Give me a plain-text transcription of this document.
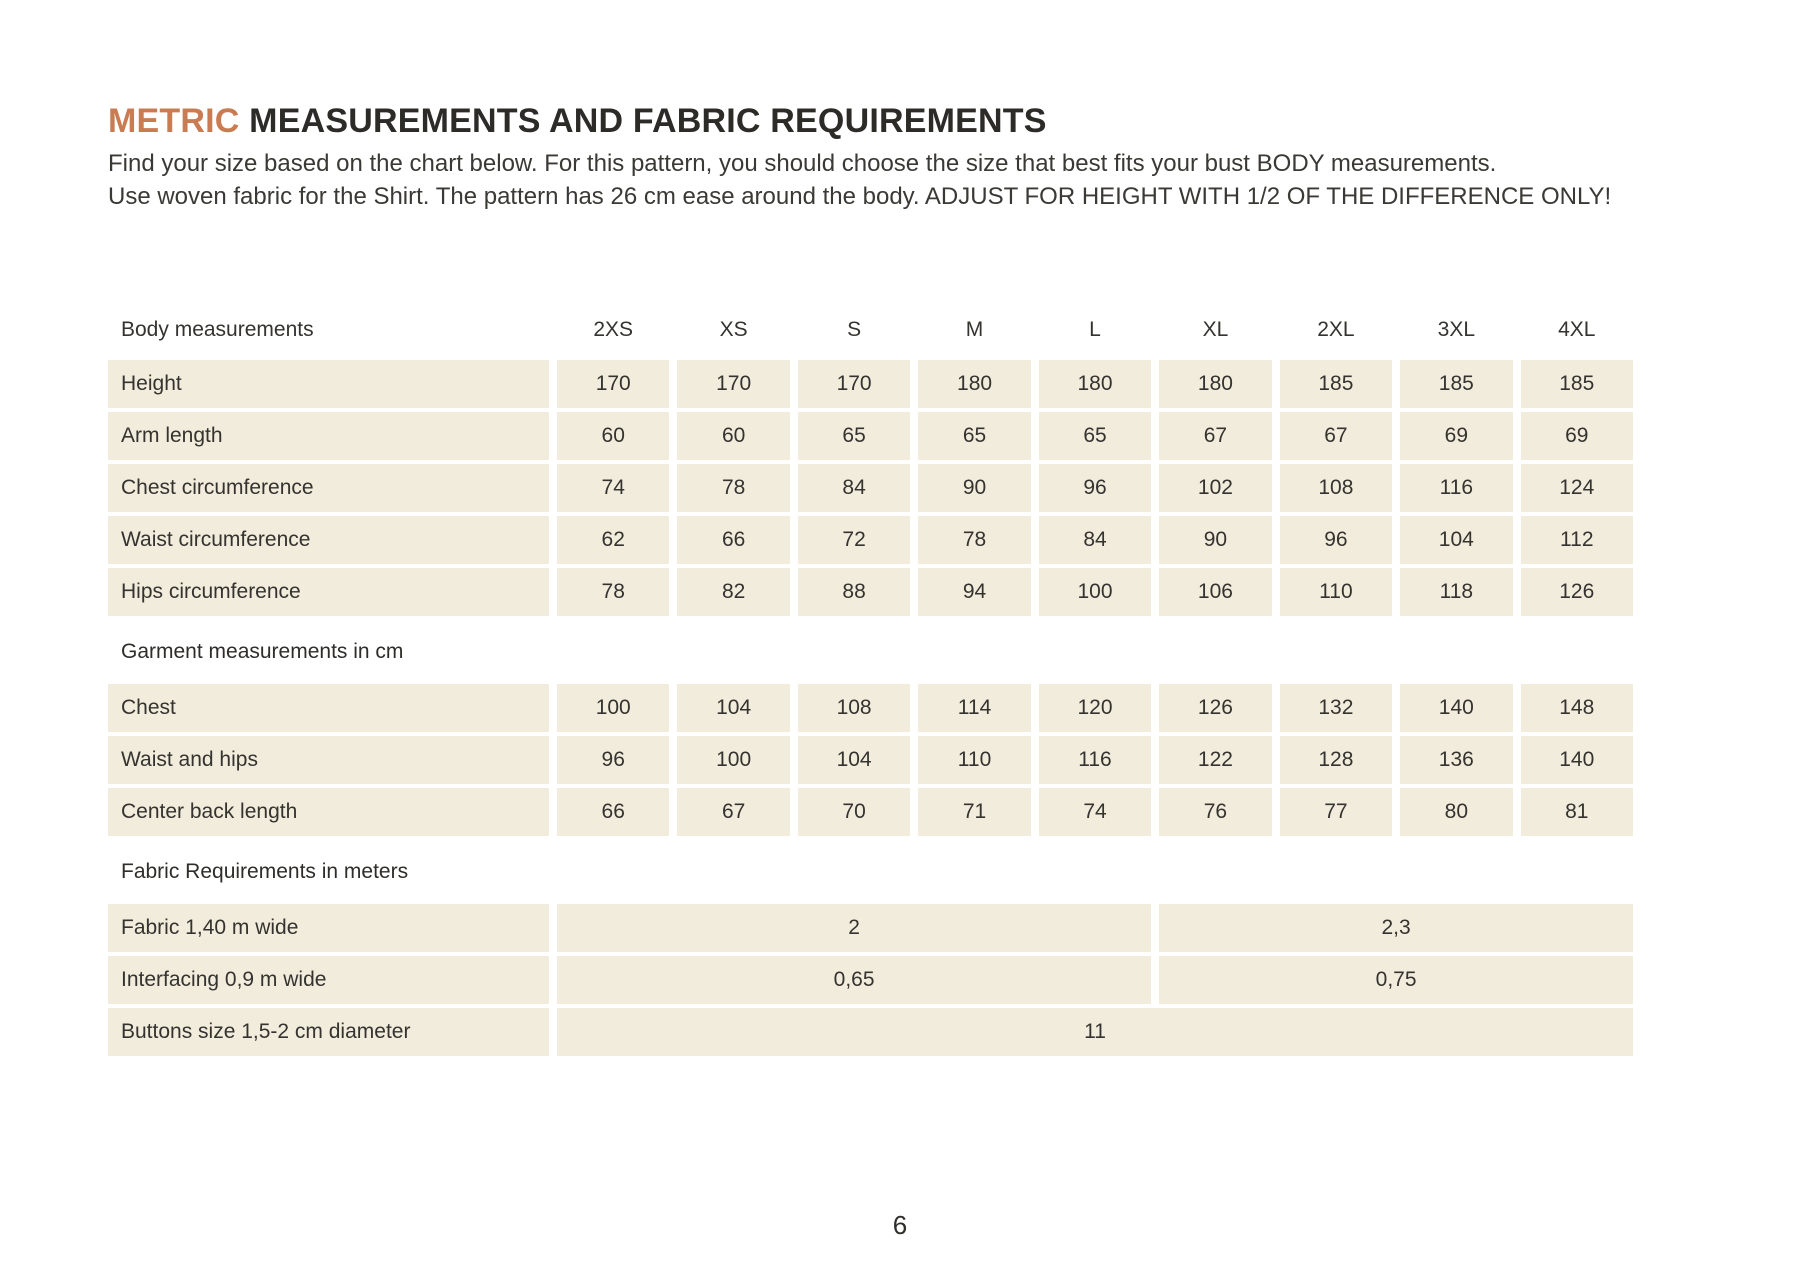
METRIC MEASUREMENTS AND FABRIC REQUIREMENTS

Find your size based on the chart below. For this pattern, you should choose the size that best fits your bust BODY measurements.
Use woven fabric for the Shirt. The pattern has 26 cm ease around the body. ADJUST FOR HEIGHT WITH 1/2 OF THE DIFFERENCE ONLY!

Body measurements	2XS	XS	S	M	L	XL	2XL	3XL	4XL
Height	170	170	170	180	180	180	185	185	185
Arm length	60	60	65	65	65	67	67	69	69
Chest circumference	74	78	84	90	96	102	108	116	124
Waist circumference	62	66	72	78	84	90	96	104	112
Hips circumference	78	82	88	94	100	106	110	118	126
Garment measurements in cm
Chest	100	104	108	114	120	126	132	140	148
Waist and hips	96	100	104	110	116	122	128	136	140
Center back length	66	67	70	71	74	76	77	80	81
Fabric Requirements in meters
Fabric 1,40 m wide	2	2,3
Interfacing 0,9 m wide	0,65	0,75
Buttons size 1,5-2 cm diameter	11
6
